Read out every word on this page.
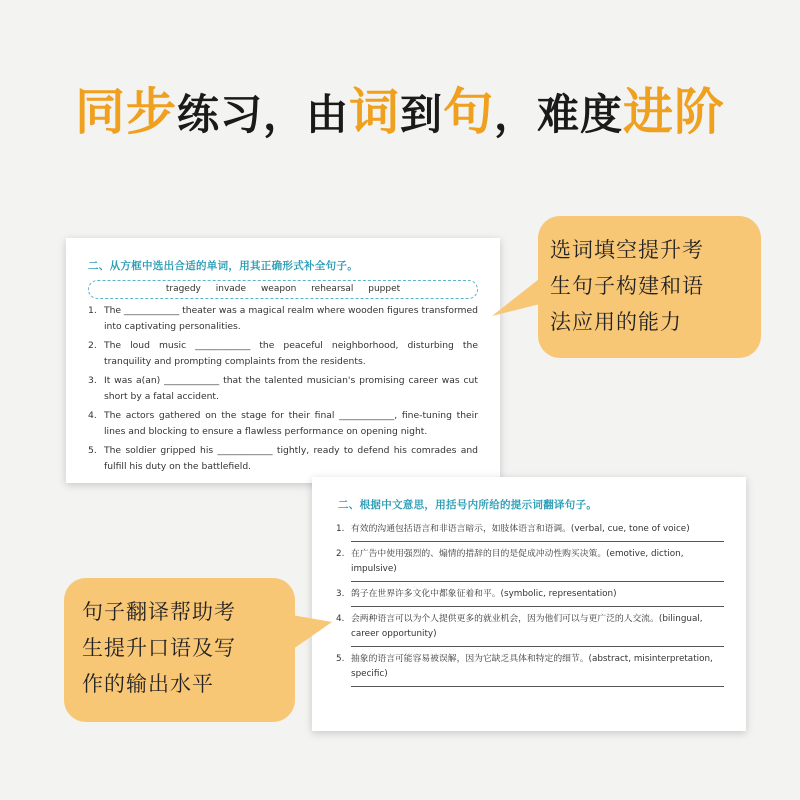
同步练习，由词到句，难度进阶
二、从方框中选出合适的单词，用其正确形式补全句子。
tragedy invade weapon rehearsal puppet
1. The ____________ theater was a magical realm where wooden figures transformed into captivating personalities.
2. The loud music ____________ the peaceful neighborhood, disturbing the tranquility and prompting complaints from the residents.
3. It was a(an) ____________ that the talented musician's promising career was cut short by a fatal accident.
4. The actors gathered on the stage for their final ____________, fine-tuning their lines and blocking to ensure a flawless performance on opening night.
5. The soldier gripped his ____________ tightly, ready to defend his comrades and fulfill his duty on the battlefield.
二、根据中文意思，用括号内所给的提示词翻译句子。
1. 有效的沟通包括语言和非语言暗示，如肢体语言和语调。(verbal, cue, tone of voice)
2. 在广告中使用强烈的、煽情的措辞的目的是促成冲动性购买决策。(emotive, diction, impulsive)
3. 鸽子在世界许多文化中都象征着和平。(symbolic, representation)
4. 会两种语言可以为个人提供更多的就业机会，因为他们可以与更广泛的人交流。(bilingual, career opportunity)
5. 抽象的语言可能容易被误解，因为它缺乏具体和特定的细节。(abstract, misinterpretation, specific)
选词填空提升考
生句子构建和语
法应用的能力
句子翻译帮助考
生提升口语及写
作的输出水平
